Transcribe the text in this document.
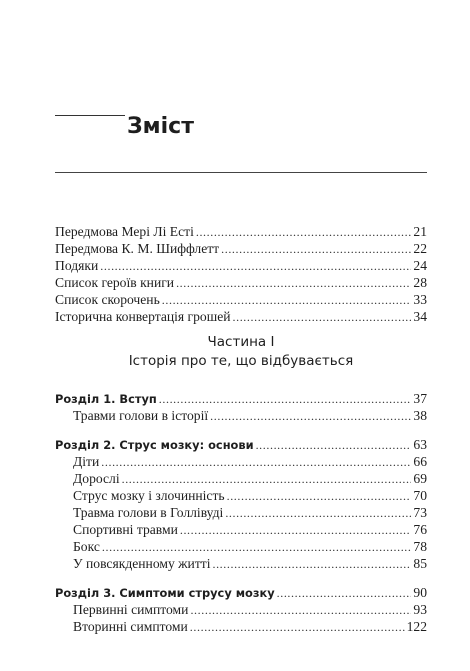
Зміст
Передмова Мері Лі Есті . . .	21
Передмова К. М. Шиффлетт . . .	22
Подяки . . .	24
Список героїв книги . . .	28
Список скорочень . . .	33
Історична конвертація грошей . . .	34
Частина I
Історія про те, що відбувається
Розділ 1. Вступ . . .	37
Травми голови в історії . . .	38
Розділ 2. Струс мозку: основи . . .	63
Діти . . .	66
Дорослі . . .	69
Струс мозку і злочинність . . .	70
Травма голови в Голлівуді . . .	73
Спортивні травми . . .	76
Бокс . . .	78
У повсякденному житті . . .	85
Розділ 3. Симптоми струсу мозку . . .	90
Первинні симптоми . . .	93
Вторинні симптоми . . .	122
